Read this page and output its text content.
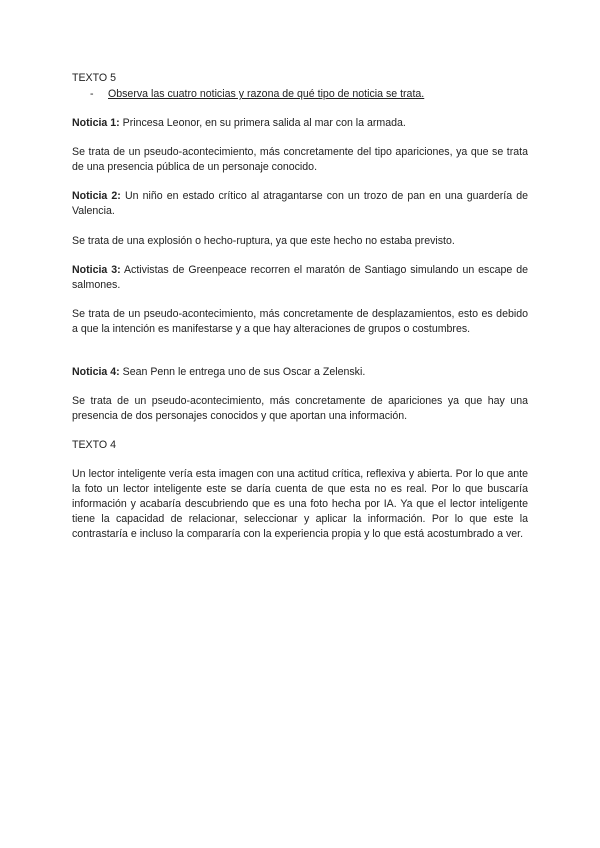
TEXTO 5
- Observa las cuatro noticias y razona de qué tipo de noticia se trata.
Noticia 1: Princesa Leonor, en su primera salida al mar con la armada.
Se trata de un pseudo-acontecimiento, más concretamente del tipo apariciones, ya que se trata de una presencia pública de un personaje conocido.
Noticia 2: Un niño en estado crítico al atragantarse con un trozo de pan en una guardería de Valencia.
Se trata de una explosión o hecho-ruptura, ya que este hecho no estaba previsto.
Noticia 3: Activistas de Greenpeace recorren el maratón de Santiago simulando un escape de salmones.
Se trata de un pseudo-acontecimiento, más concretamente de desplazamientos, esto es debido a que la intención es manifestarse y a que hay alteraciones de grupos o costumbres.
Noticia 4: Sean Penn le entrega uno de sus Oscar a Zelenski.
Se trata de un pseudo-acontecimiento, más concretamente de apariciones ya que hay una presencia de dos personajes conocidos y que aportan una información.
TEXTO 4
Un lector inteligente vería esta imagen con una actitud crítica, reflexiva y abierta. Por lo que ante la foto un lector inteligente este se daría cuenta de que esta no es real. Por lo que buscaría información y acabaría descubriendo que es una foto hecha por IA. Ya que el lector inteligente tiene la capacidad de relacionar, seleccionar y aplicar la información. Por lo que este la contrastaría e incluso la compararía con la experiencia propia y lo que está acostumbrado a ver.
